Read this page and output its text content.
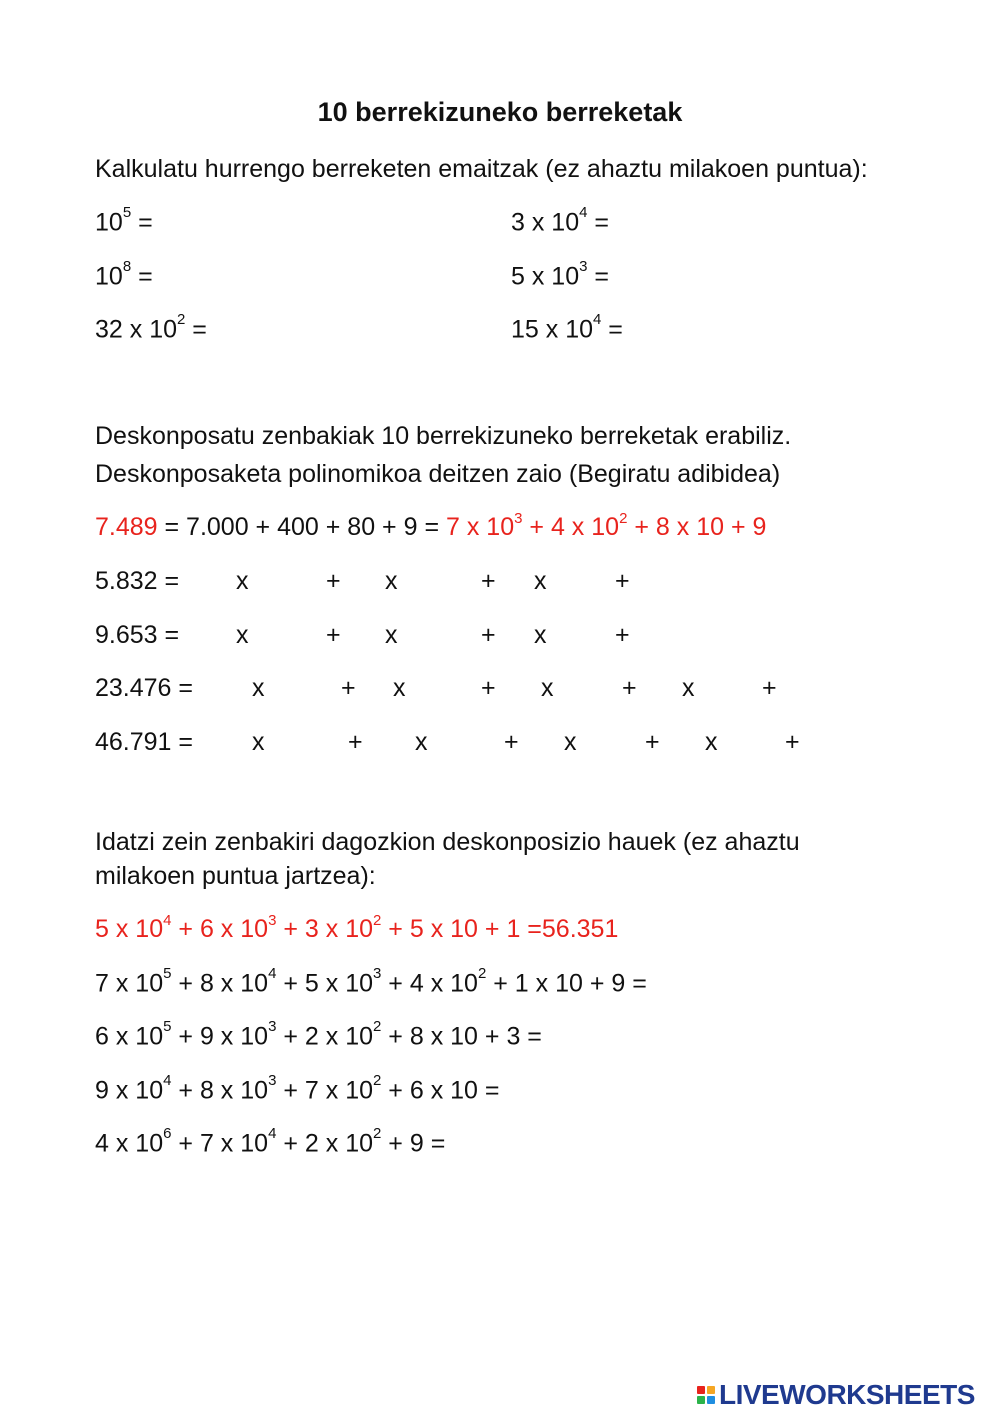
10 berrekizuneko berreketak
Kalkulatu hurrengo berreketen emaitzak (ez ahaztu milakoen puntua):
$10^5$ =	3 x $10^4$ =
$10^8$ =	5 x $10^3$ =
32 x $10^2$ =	15 x $10^4$ =
Deskonposatu zenbakiak 10 berrekizuneko berreketak erabiliz.
Deskonposaketa polinomikoa deitzen zaio (Begiratu adibidea)
7.489 = 7.000 + 400 + 80 + 9 = 7 x $10^3 + 4$ x $10^2 + 8$ x 10 + 9
5.832 = x	+ x	+ x	+
9.653 = x	+ x	+ x	+
23.476 = x	+ x	+ x	+ x	+
46.791 = x	+ x	+ x	+ x	+
Idatzi zein zenbakiri dagozkion deskonposizio hauek (ez ahaztu
milakoen puntua jartzea):
5 x $10^4 + 6$ x $10^3 + 3$ x $10^2 + 5$ x 10 + 1 =56.351
7 x $10^5 + 8$ x $10^4 + 5$ x $10^3 + 4$ x $10^2 + 1$ x 10 + 9 =
6 x $10^5 + 9$ x $10^3 + 2$ x $10^2 + 8$ x 10 + 3 =
9 x $10^4 + 8$ x $10^3 + 7$ x $10^2 + 6$ x 10 =
4 x $10^6 + 7$ x $10^4 + 2$ x $10^2 + 9$ =
LIVEWORKSHEETS
